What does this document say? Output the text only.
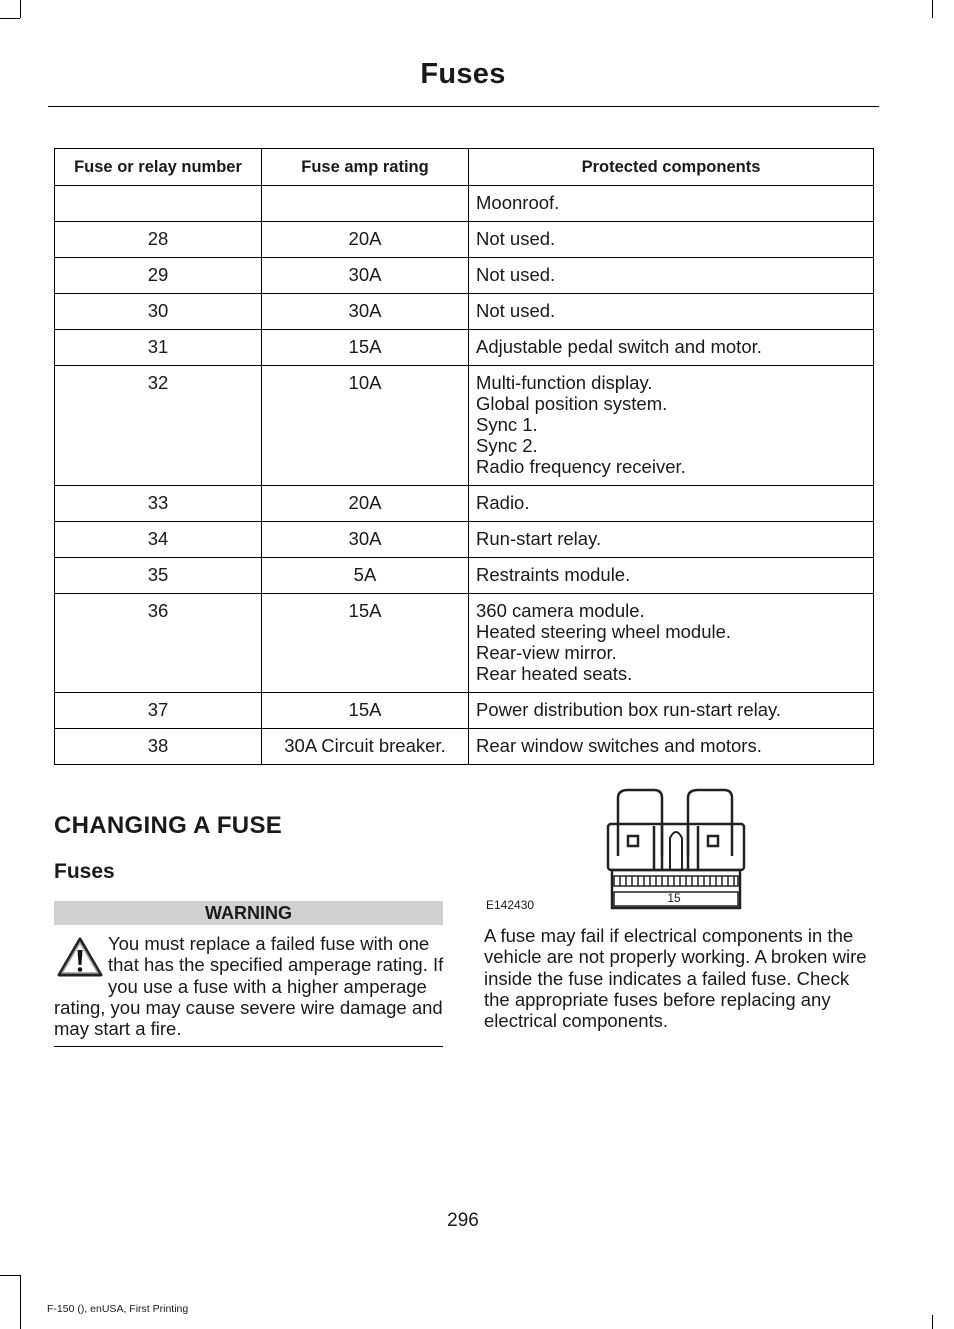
Fuses
Fuse or relay number	Fuse amp rating	Protected components

		Moonroof.

28	20A	Not used.

29	30A	Not used.

30	30A	Not used.

31	15A	Adjustable pedal switch and motor.

32	10A	Multi-function display.
Global position system.
Sync 1.
Sync 2.
Radio frequency receiver.

33	20A	Radio.

34	30A	Run-start relay.

35	5A	Restraints module.

36	15A	360 camera module.
Heated steering wheel module.
Rear-view mirror.
Rear heated seats.

37	15A	Power distribution box run-start relay.

38	30A Circuit breaker.	Rear window switches and motors.
CHANGING A FUSE
Fuses
WARNING

You must replace a failed fuse with one that has the specified amperage rating. If you use a fuse with a higher amperage rating, you may cause severe wire damage and may start a fire.

15
E142430

A fuse may fail if electrical components in the vehicle are not properly working. A broken wire inside the fuse indicates a failed fuse. Check the appropriate fuses before replacing any electrical components.

296
F-150 (), enUSA, First Printing
